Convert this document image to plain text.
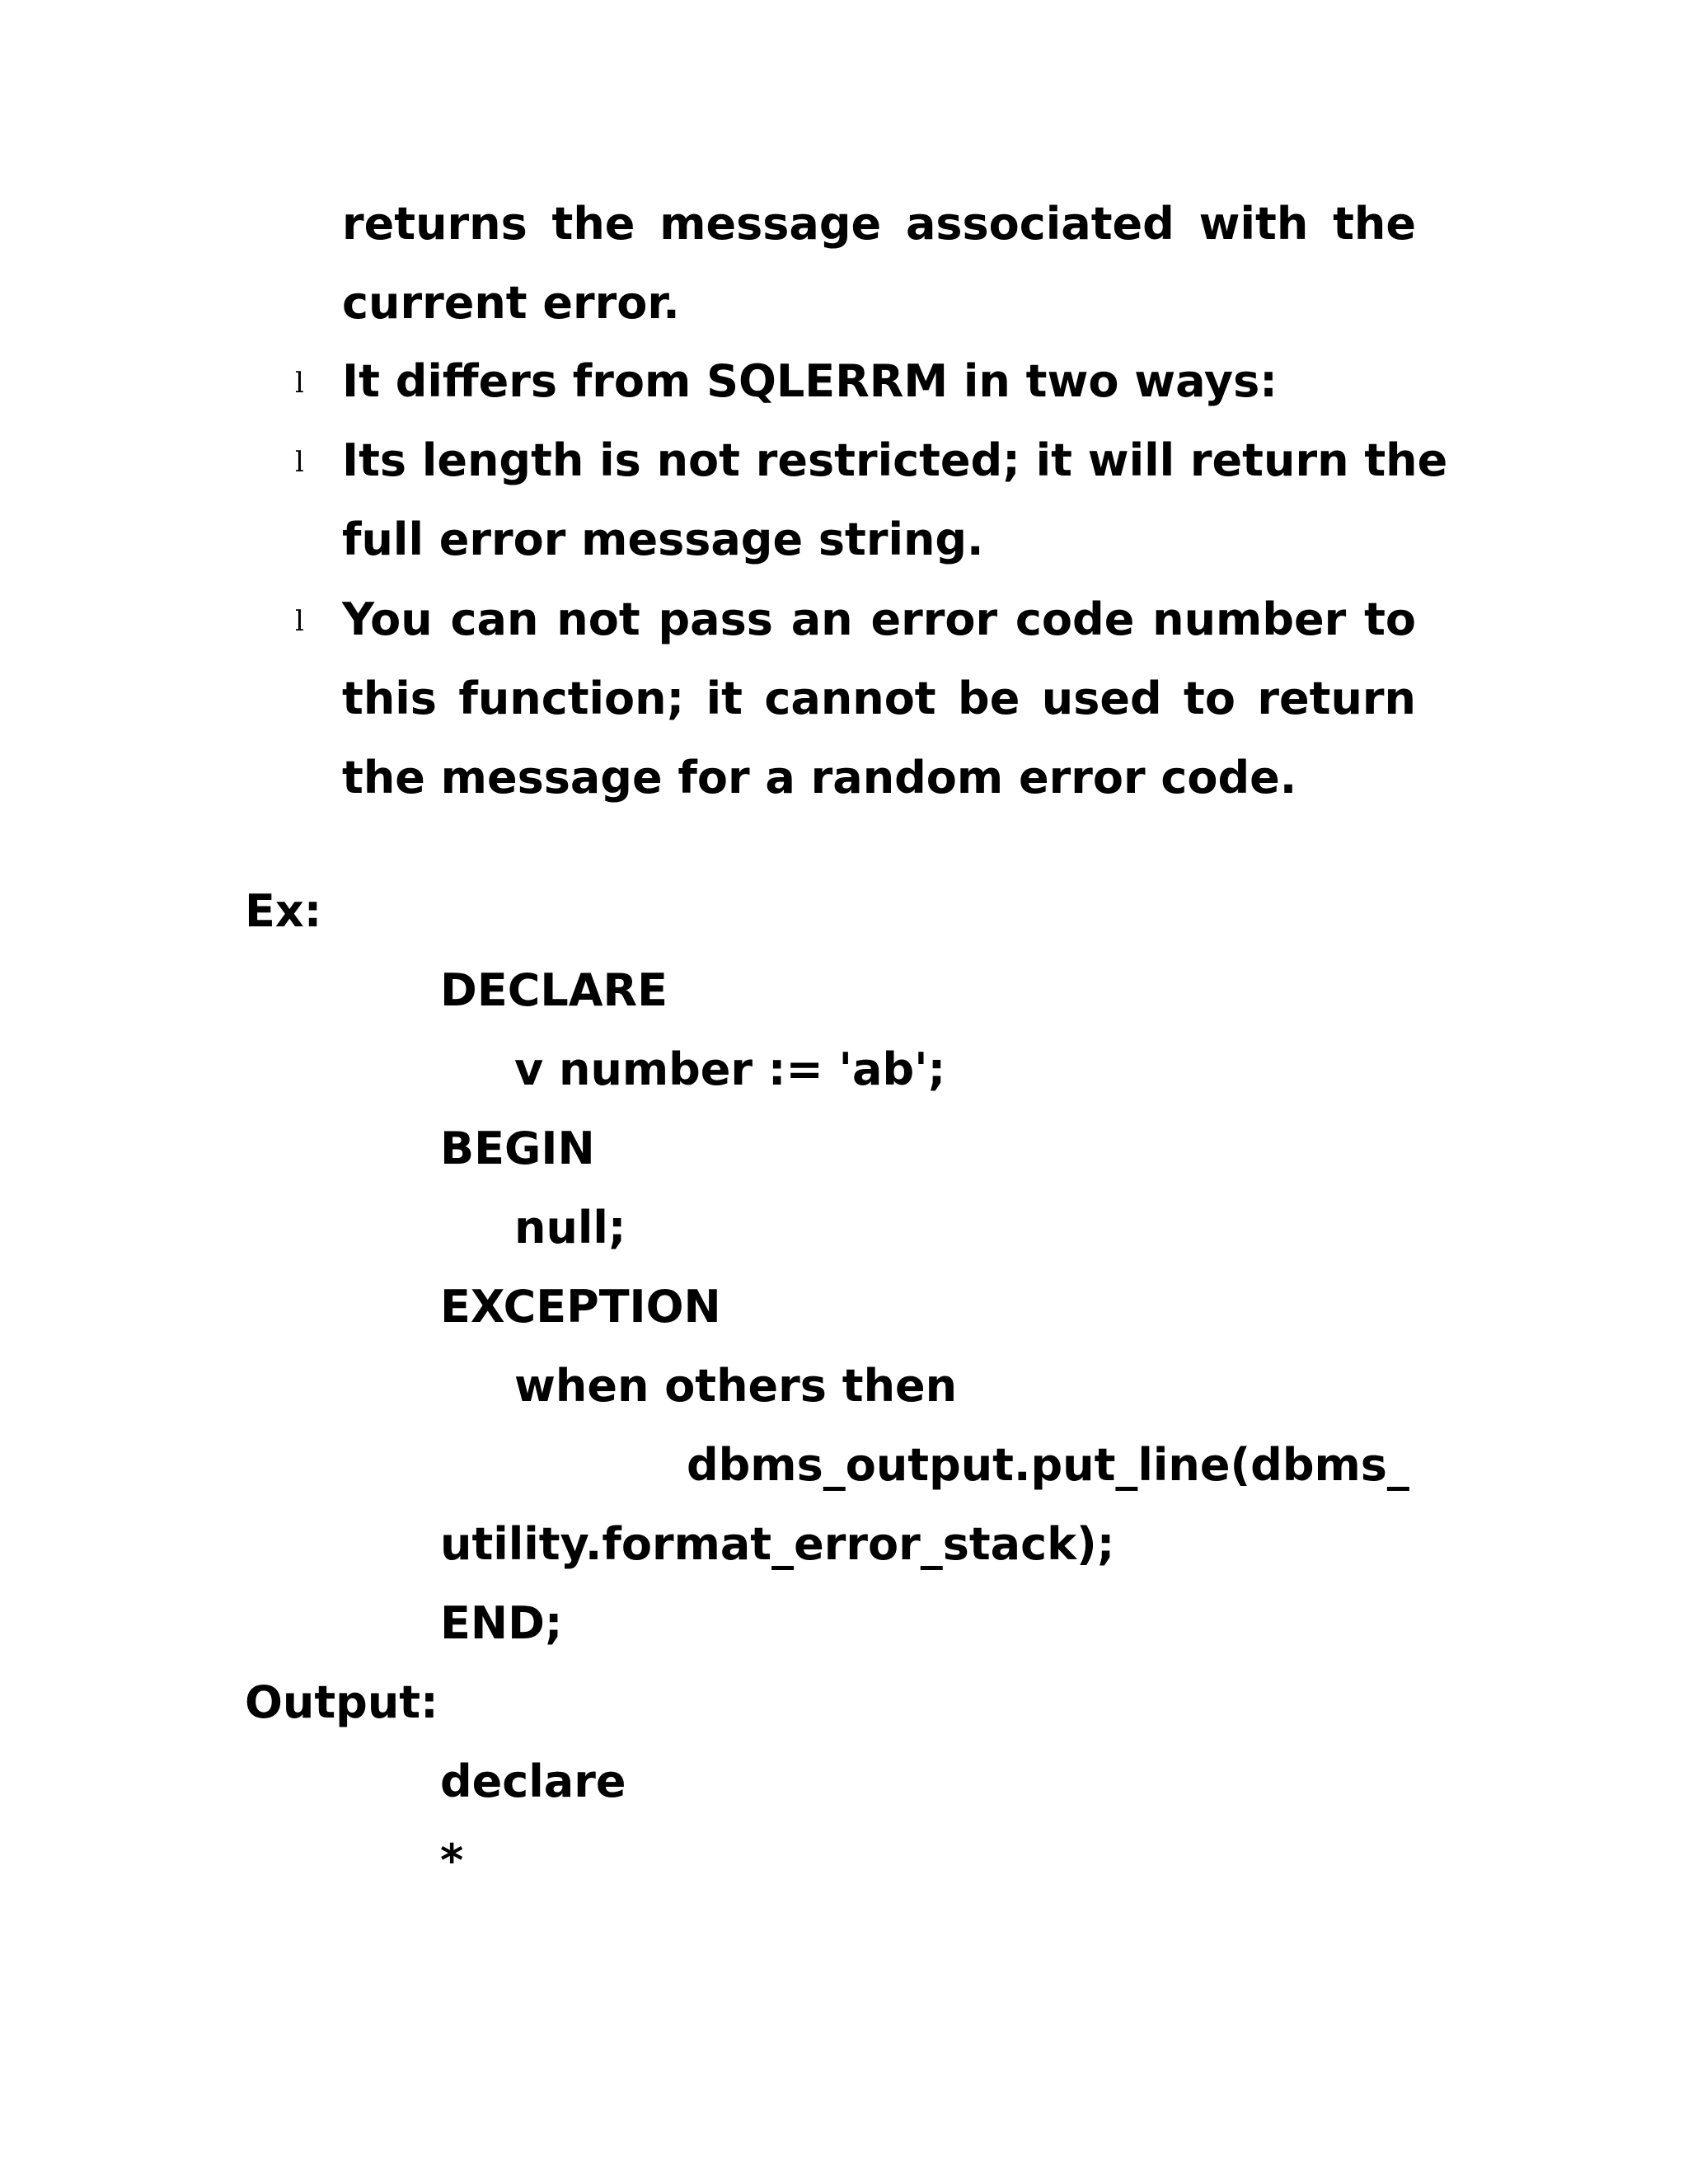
returns the message associated with the
current error.
l It differs from SQLERRM in two ways:
l Its length is not restricted; it will return the
full error message string.
l You can not pass an error code number to
this function; it cannot be used to return
the message for a random error code.
Ex:
DECLARE
v number := 'ab';
BEGIN
null;
EXCEPTION
when others then
dbms_output.put_line(dbms_
utility.format_error_stack);
END;
Output:
declare
*
